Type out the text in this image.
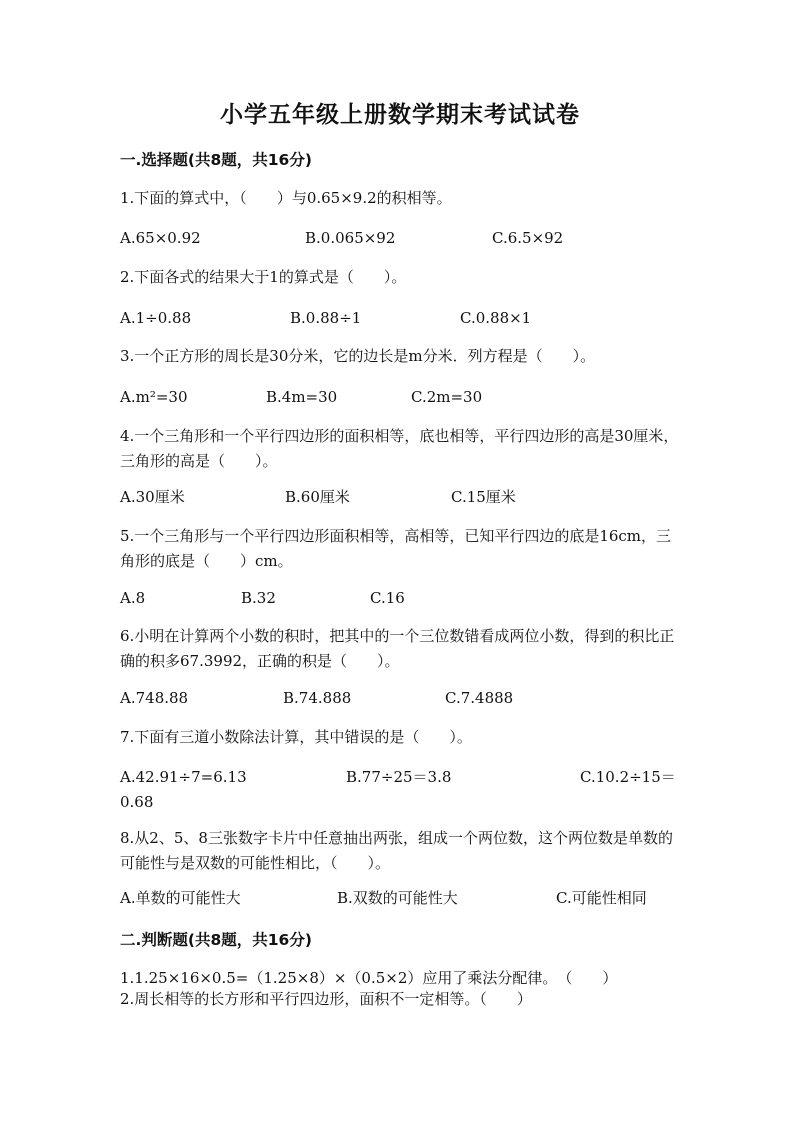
小学五年级上册数学期末考试试卷
一.选择题(共8题，共16分)
1.下面的算式中，（　　）与0.65×9.2的积相等。
A.65×0.92	B.0.065×92	C.6.5×92
2.下面各式的结果大于1的算式是（　　）。
A.1÷0.88	B.0.88÷1	C.0.88×1
3.一个正方形的周长是30分米，它的边长是m分米．列方程是（　　）。
A.m²=30	B.4m=30	C.2m=30
4.一个三角形和一个平行四边形的面积相等，底也相等，平行四边形的高是30厘米，三角形的高是（　　）。
A.30厘米	B.60厘米	C.15厘米
5.一个三角形与一个平行四边形面积相等，高相等，已知平行四边的底是16cm，三角形的底是（　　）cm。
A.8	B.32	C.16
6.小明在计算两个小数的积时，把其中的一个三位数错看成两位小数，得到的积比正确的积多67.3992，正确的积是（　　）。
A.748.88	B.74.888	C.7.4888
7.下面有三道小数除法计算，其中错误的是（　　）。
A.42.91÷7=6.13	B.77÷25＝3.8	C.10.2÷15＝0.68
8.从2、5、8三张数字卡片中任意抽出两张，组成一个两位数，这个两位数是单数的可能性与是双数的可能性相比，（　　）。
A.单数的可能性大	B.双数的可能性大	C.可能性相同
二.判断题(共8题，共16分)
1.1.25×16×0.5=（1.25×8）×（0.5×2）应用了乘法分配律。　（　　）
2.周长相等的长方形和平行四边形，面积不一定相等。（　　）
